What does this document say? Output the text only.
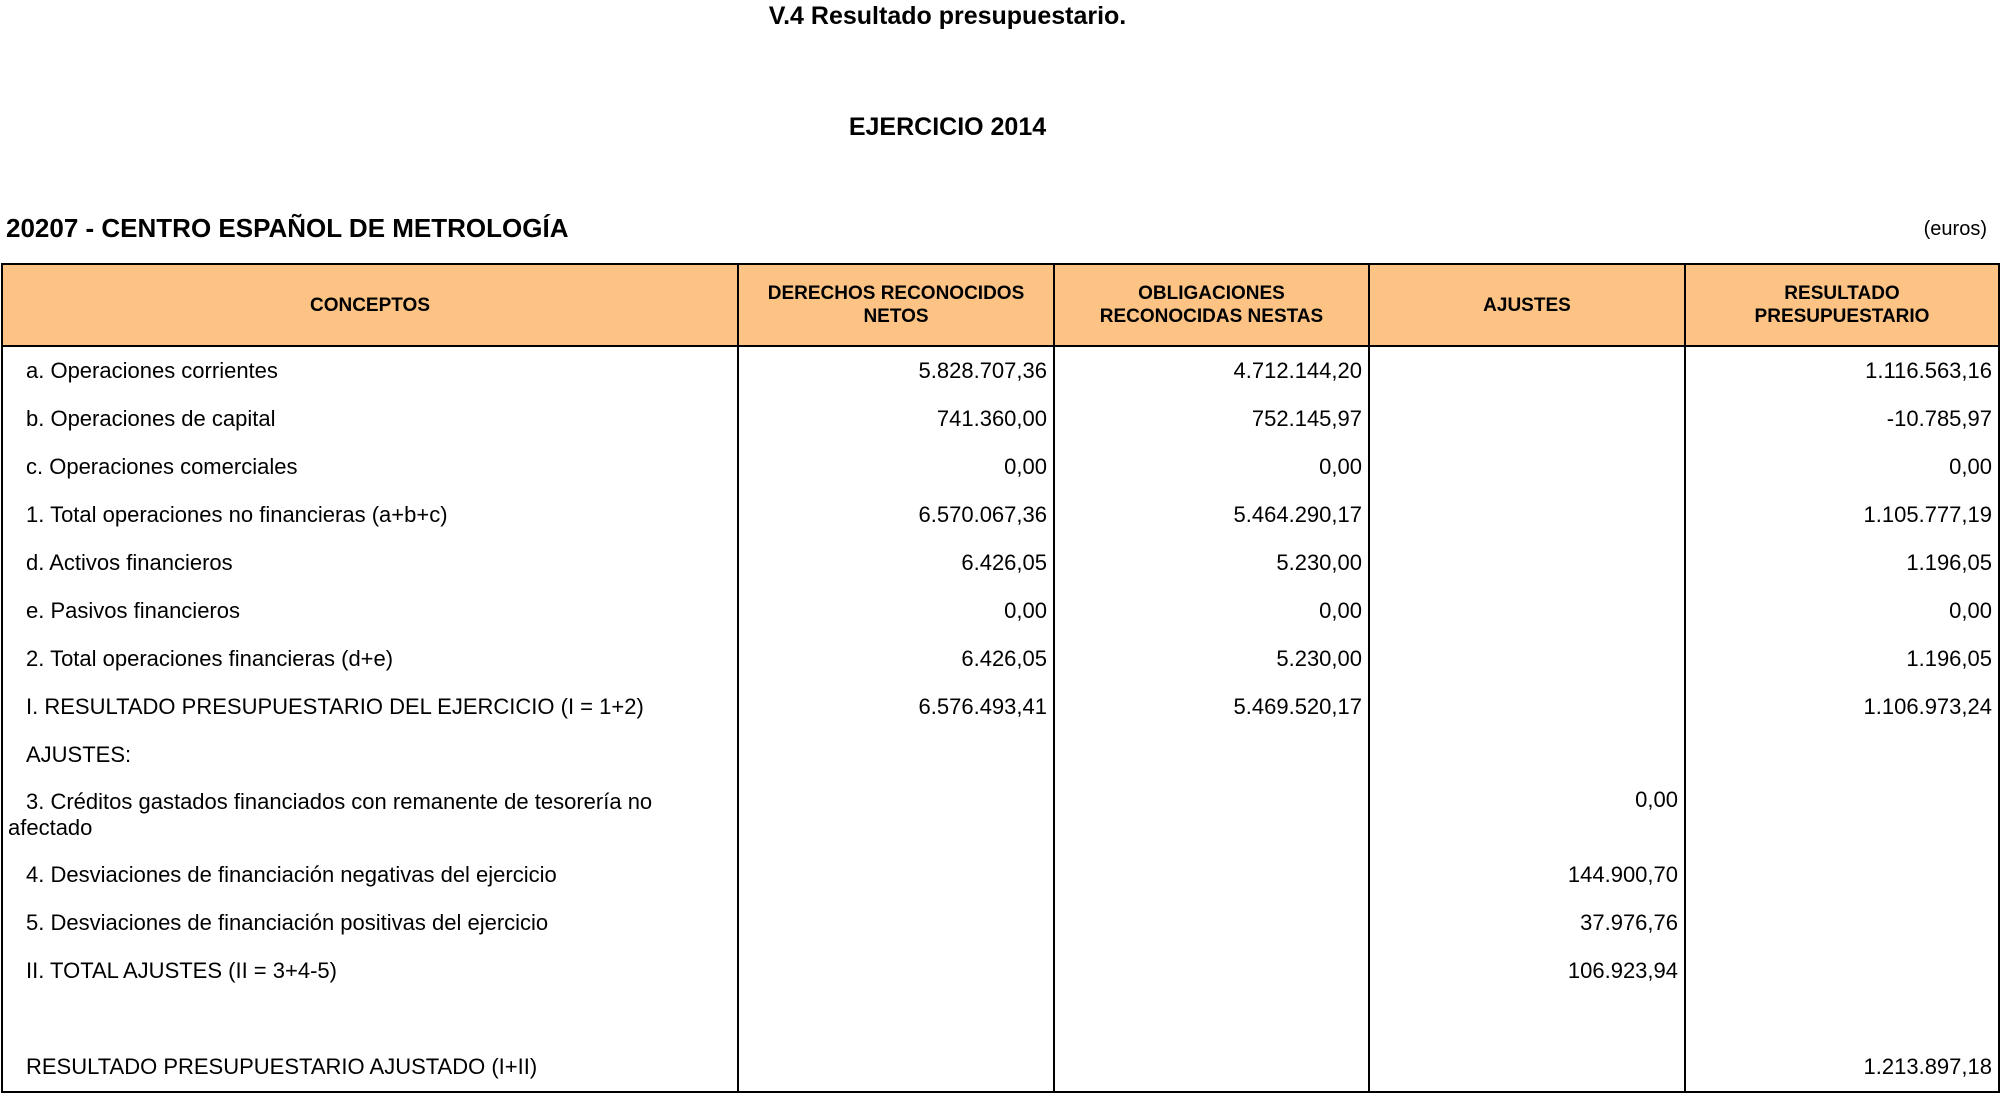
V.4 Resultado presupuestario.
EJERCICIO 2014
20207 - CENTRO ESPAÑOL DE METROLOGÍA	(euros)
CONCEPTOS	DERECHOS RECONOCIDOS NETOS	OBLIGACIONES RECONOCIDAS NESTAS	AJUSTES	RESULTADO PRESUPUESTARIO

a. Operaciones corrientes	5.828.707,36	4.712.144,20		1.116.563,16

b. Operaciones de capital	741.360,00	752.145,97		-10.785,97

c. Operaciones comerciales	0,00	0,00		0,00

1. Total operaciones no financieras (a+b+c)	6.570.067,36	5.464.290,17		1.105.777,19

d. Activos financieros	6.426,05	5.230,00		1.196,05

e. Pasivos financieros	0,00	0,00		0,00

2. Total operaciones financieras (d+e)	6.426,05	5.230,00		1.196,05

I. RESULTADO PRESUPUESTARIO DEL EJERCICIO (I = 1+2)	6.576.493,41	5.469.520,17		1.106.973,24

AJUSTES:				

3. Créditos gastados financiados con remanente de tesorería no afectado			0,00	

4. Desviaciones de financiación negativas del ejercicio			144.900,70	

5. Desviaciones de financiación positivas del ejercicio			37.976,76	

II. TOTAL AJUSTES (II = 3+4-5)			106.923,94	

RESULTADO PRESUPUESTARIO AJUSTADO (I+II)				1.213.897,18
